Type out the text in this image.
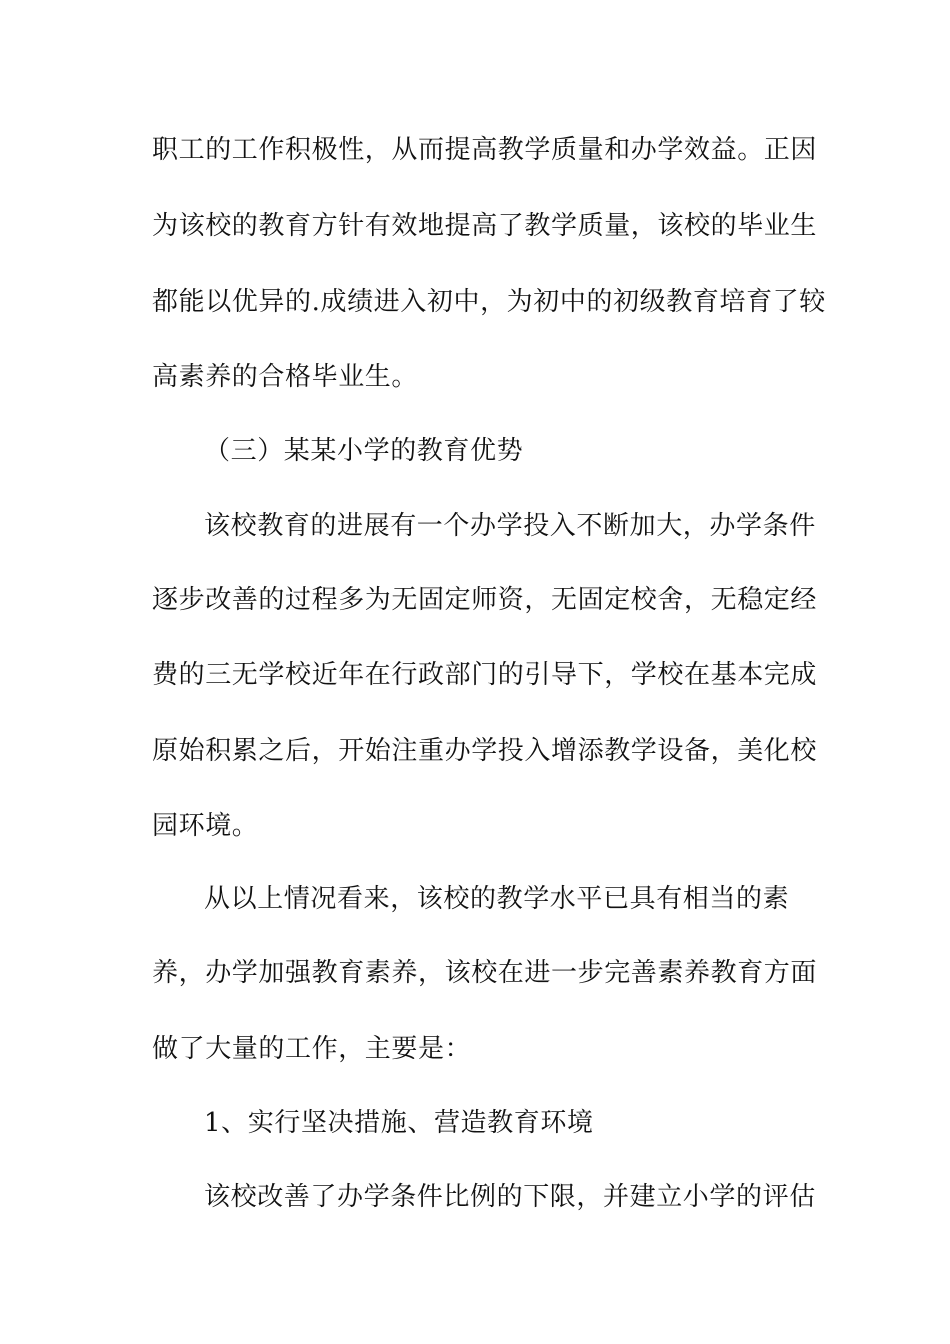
职工的工作积极性，从而提高教学质量和办学效益。正因
为该校的教育方针有效地提高了教学质量，该校的毕业生
都能以优异的.成绩进入初中，为初中的初级教育培育了较
高素养的合格毕业生。
（三）某某小学的教育优势
该校教育的进展有一个办学投入不断加大，办学条件
逐步改善的过程多为无固定师资，无固定校舍，无稳定经
费的三无学校近年在行政部门的引导下，学校在基本完成
原始积累之后，开始注重办学投入增添教学设备，美化校
园环境。
从以上情况看来，该校的教学水平已具有相当的素
养，办学加强教育素养，该校在进一步完善素养教育方面
做了大量的工作，主要是：
1、实行坚决措施、营造教育环境
该校改善了办学条件比例的下限，并建立小学的评估
